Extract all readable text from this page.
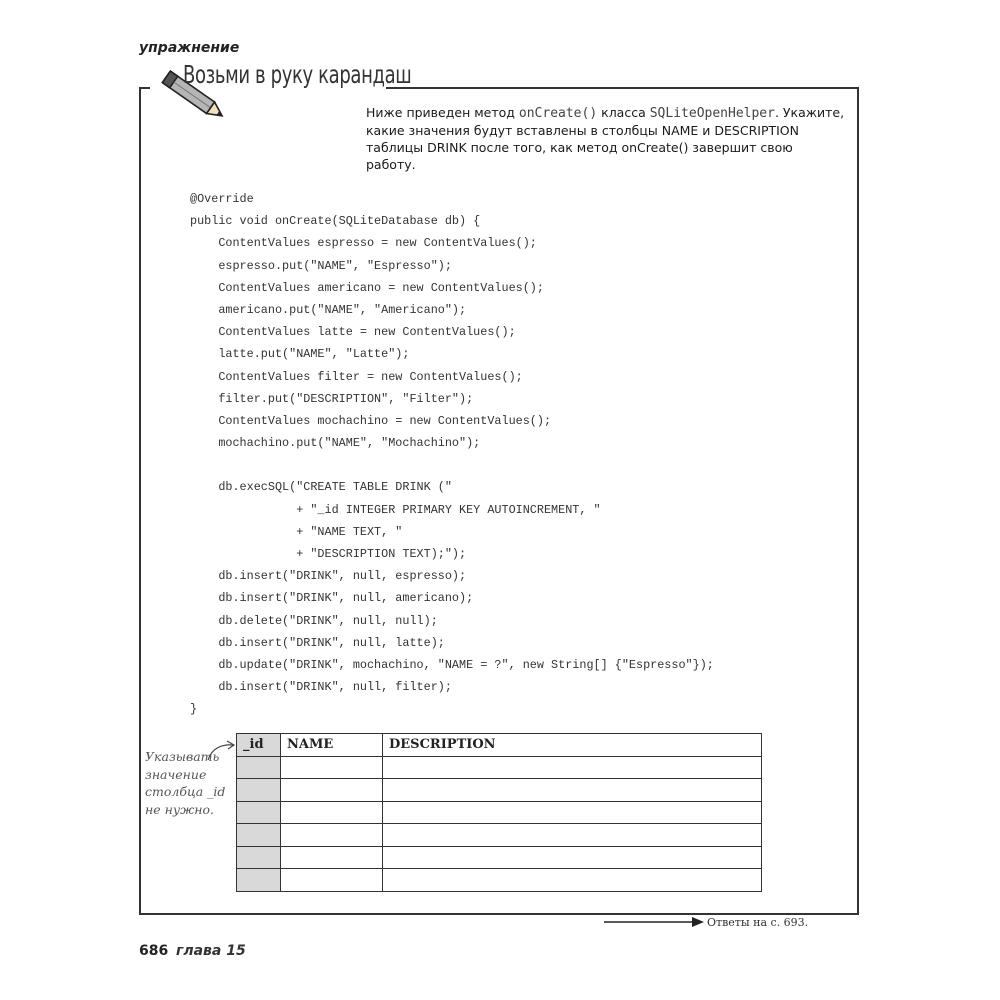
упражнение
Возьми в руку карандаш
Ниже приведен метод onCreate() класса SQLiteOpenHelper. Укажите, какие значения будут вставлены в столбцы NAME и DESCRIPTION таблицы DRINK после того, как метод onCreate() завершит свою работу.
@Override
public void onCreate(SQLiteDatabase db) {
ContentValues espresso = new ContentValues();
espresso.put("NAME", "Espresso");
ContentValues americano = new ContentValues();
americano.put("NAME", "Americano");
ContentValues latte = new ContentValues();
latte.put("NAME", "Latte");
ContentValues filter = new ContentValues();
filter.put("DESCRIPTION", "Filter");
ContentValues mochachino = new ContentValues();
mochachino.put("NAME", "Mochachino");
db.execSQL("CREATE TABLE DRINK ("
+ "_id INTEGER PRIMARY KEY AUTOINCREMENT, "
+ "NAME TEXT, "
+ "DESCRIPTION TEXT);");
db.insert("DRINK", null, espresso);
db.insert("DRINK", null, americano);
db.delete("DRINK", null, null);
db.insert("DRINK", null, latte);
db.update("DRINK", mochachino, "NAME = ?", new String[] {"Espresso"});
db.insert("DRINK", null, filter);
}
_id	NAME	DESCRIPTION

Указывать
значение
столбца _id
не нужно.
Ответы на с. 693.
686 глава 15
